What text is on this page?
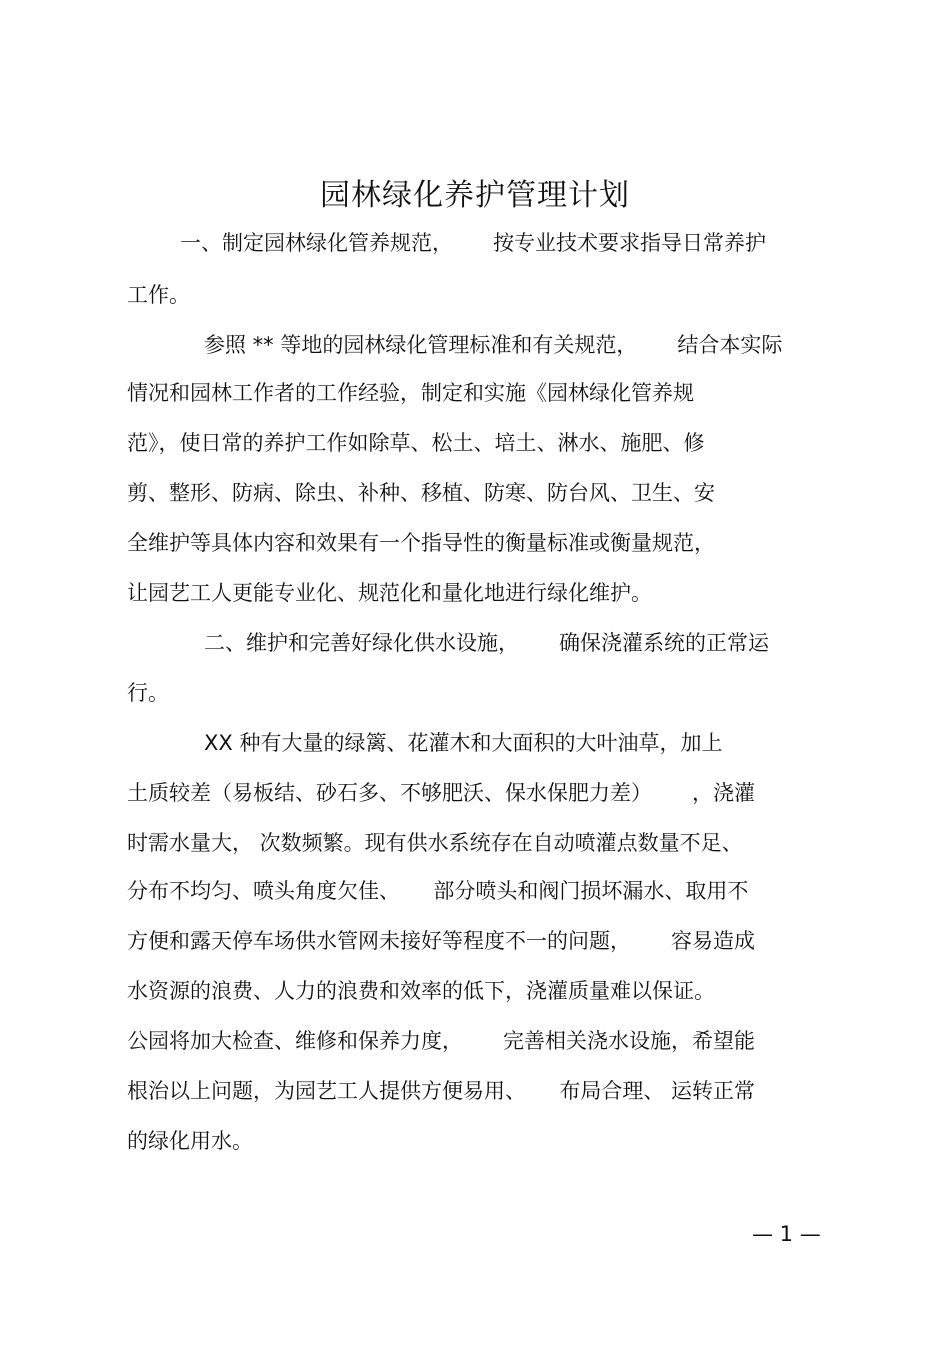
园林绿化养护管理计划
一、制定园林绿化管养规范，      按专业技术要求指导日常养护
工作。
参照 ** 等地的园林绿化管理标准和有关规范，      结合本实际
情况和园林工作者的工作经验，制定和实施《园林绿化管养规
范》，使日常的养护工作如除草、松土、培土、淋水、施肥、修
剪、整形、防病、除虫、补种、移植、防寒、防台风、卫生、安
全维护等具体内容和效果有一个指导性的衡量标准或衡量规范，
让园艺工人更能专业化、规范化和量化地进行绿化维护。
二、维护和完善好绿化供水设施，      确保浇灌系统的正常运
行。
XX 种有大量的绿篱、花灌木和大面积的大叶油草，加上
土质较差（易板结、砂石多、不够肥沃、保水保肥力差）      ，浇灌
时需水量大， 次数频繁。现有供水系统存在自动喷灌点数量不足、
分布不均匀、喷头角度欠佳、     部分喷头和阀门损坏漏水、取用不
方便和露天停车场供水管网未接好等程度不一的问题，      容易造成
水资源的浪费、人力的浪费和效率的低下，浇灌质量难以保证。
公园将加大检查、维修和保养力度，      完善相关浇水设施，希望能
根治以上问题，为园艺工人提供方便易用、     布局合理、 运转正常
的绿化用水。
— 1 —
